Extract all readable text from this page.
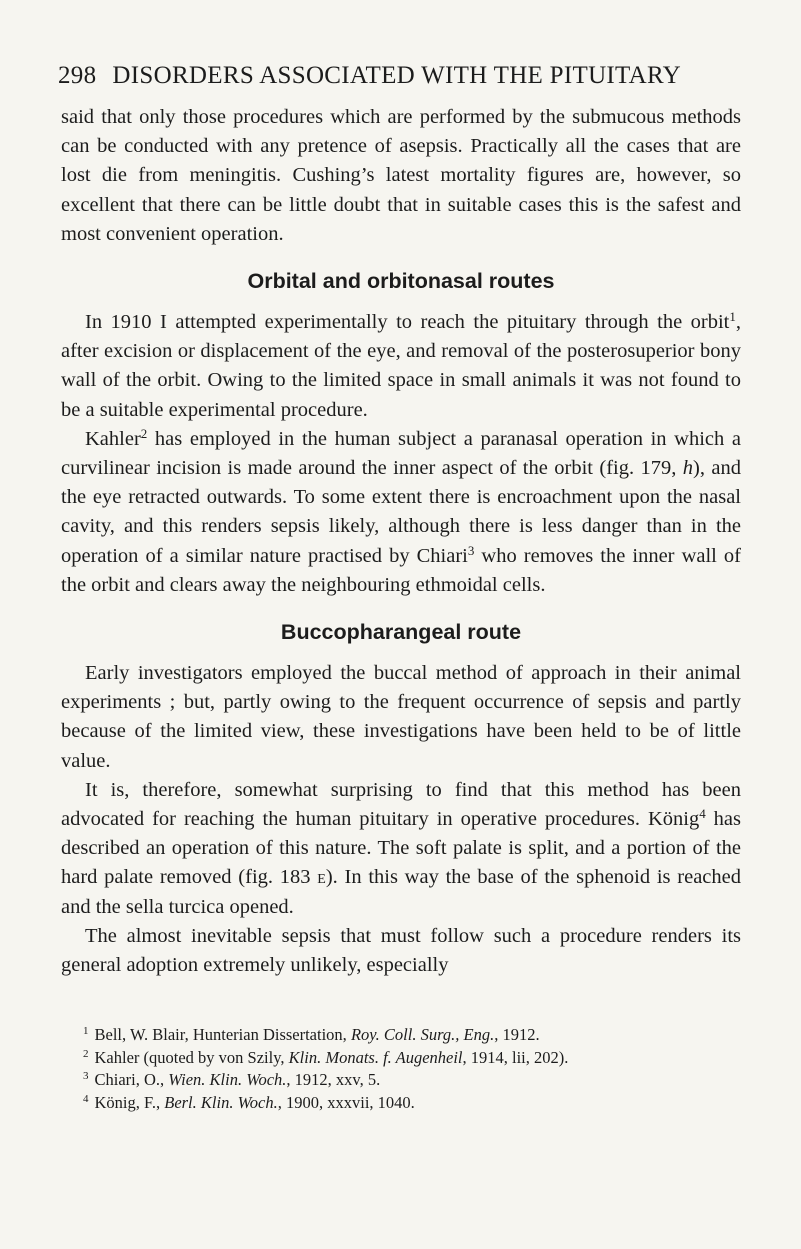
298 DISORDERS ASSOCIATED WITH THE PITUITARY

said that only those procedures which are performed by the submucous methods can be conducted with any pretence of asepsis. Practically all the cases that are lost die from meningitis. Cushing’s latest mortality figures are, however, so excellent that there can be little doubt that in suitable cases this is the safest and most convenient operation.

Orbital and orbitonasal routes

In 1910 I attempted experimentally to reach the pituitary through the orbit$^1$, after excision or displacement of the eye, and removal of the posterosuperior bony wall of the orbit. Owing to the limited space in small animals it was not found to be a suitable experimental procedure.

Kahler$^2$ has employed in the human subject a paranasal operation in which a curvilinear incision is made around the inner aspect of the orbit (fig. 179, h), and the eye retracted outwards. To some extent there is encroachment upon the nasal cavity, and this renders sepsis likely, although there is less danger than in the operation of a similar nature practised by Chiari$^3$ who removes the inner wall of the orbit and clears away the neighbouring ethmoidal cells.

Buccopharangeal route

Early investigators employed the buccal method of approach in their animal experiments ; but, partly owing to the frequent occurrence of sepsis and partly because of the limited view, these investigations have been held to be of little value.

It is, therefore, somewhat surprising to find that this method has been advocated for reaching the human pituitary in operative procedures. König$^4$ has described an operation of this nature. The soft palate is split, and a portion of the hard palate removed (fig. 183 e). In this way the base of the sphenoid is reached and the sella turcica opened.

The almost inevitable sepsis that must follow such a procedure renders its general adoption extremely unlikely, especially

$^1$ Bell, W. Blair, Hunterian Dissertation, Roy. Coll. Surg., Eng., 1912.
$^2$ Kahler (quoted by von Szily, Klin. Monats. f. Augenheil, 1914, lii, 202).
$^3$ Chiari, O., Wien. Klin. Woch., 1912, xxv, 5.
$^4$ König, F., Berl. Klin. Woch., 1900, xxxvii, 1040.
